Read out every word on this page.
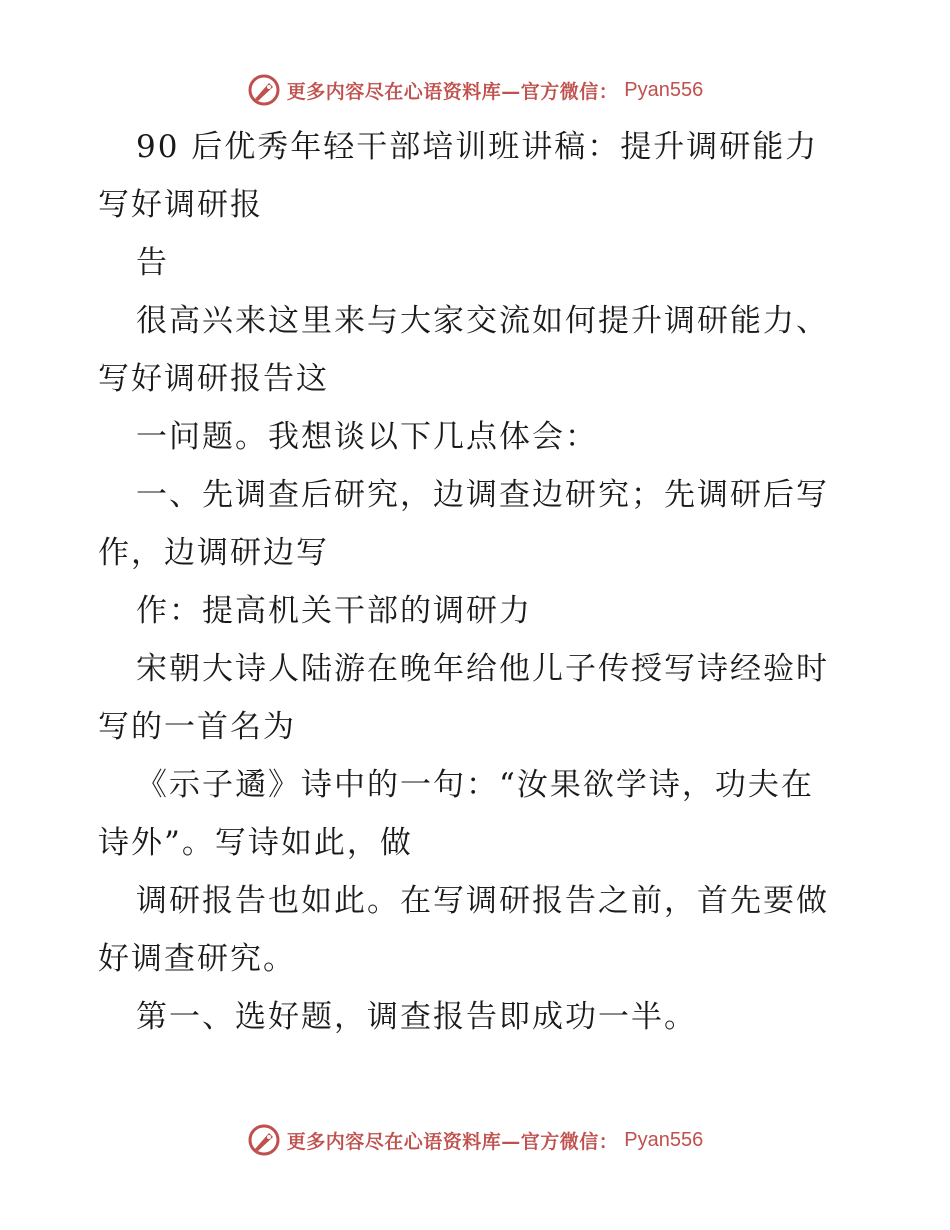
更多内容尽在心语资料库—官方微信： Pyan556
90 后优秀年轻干部培训班讲稿：提升调研能力
写好调研报
告
很高兴来这里来与大家交流如何提升调研能力、
写好调研报告这
一问题。我想谈以下几点体会：
一、先调查后研究，边调查边研究；先调研后写
作，边调研边写
作：提高机关干部的调研力
宋朝大诗人陆游在晚年给他儿子传授写诗经验时
写的一首名为
《示子遹》诗中的一句：“汝果欲学诗，功夫在
诗外”。写诗如此，做
调研报告也如此。在写调研报告之前，首先要做
好调查研究。
第一、选好题，调查报告即成功一半。
更多内容尽在心语资料库—官方微信： Pyan556
